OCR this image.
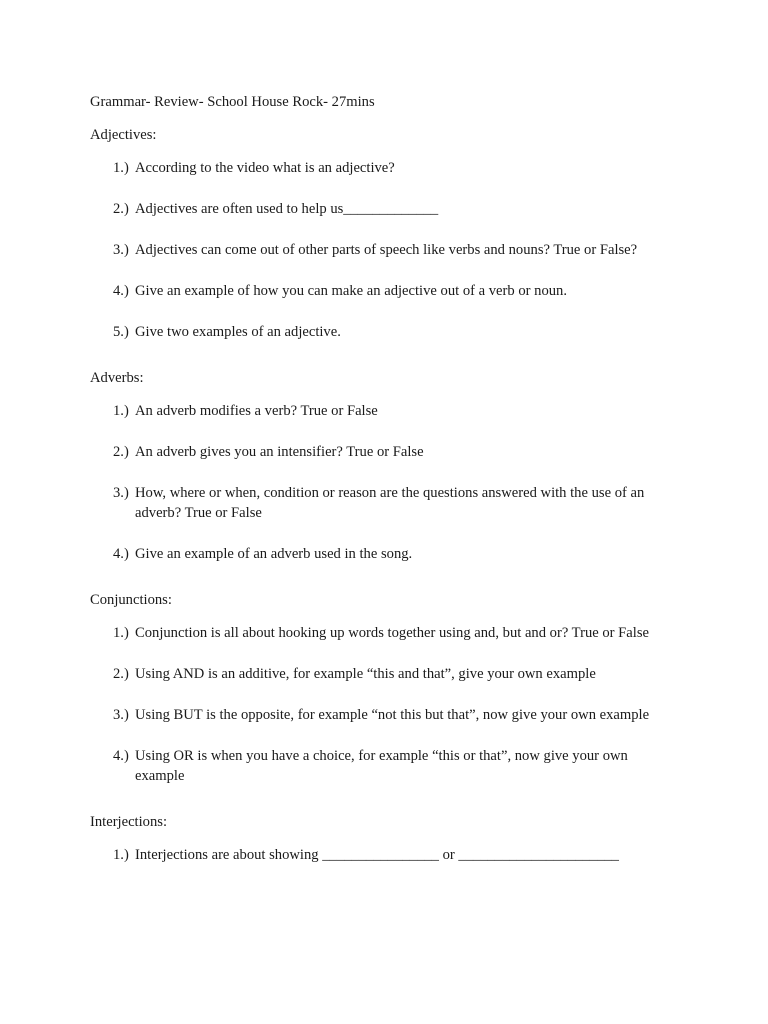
Grammar- Review- School House Rock- 27mins
Adjectives:
1.) According to the video what is an adjective?
2.) Adjectives are often used to help us_____________
3.) Adjectives can come out of other parts of speech like verbs and nouns? True or False?
4.) Give an example of how you can make an adjective out of a verb or noun.
5.) Give two examples of an adjective.
Adverbs:
1.) An adverb modifies a verb? True or False
2.) An adverb gives you an intensifier? True or False
3.) How, where or when, condition or reason are the questions answered with the use of an adverb? True or False
4.) Give an example of an adverb used in the song.
Conjunctions:
1.) Conjunction is all about hooking up words together using and, but and or? True or False
2.) Using AND is an additive, for example “this and that”, give your own example
3.) Using BUT is the opposite, for example “not this but that”, now give your own example
4.) Using OR is when you have a choice, for example “this or that”, now give your own example
Interjections:
1.) Interjections are about showing ________________ or ______________________
